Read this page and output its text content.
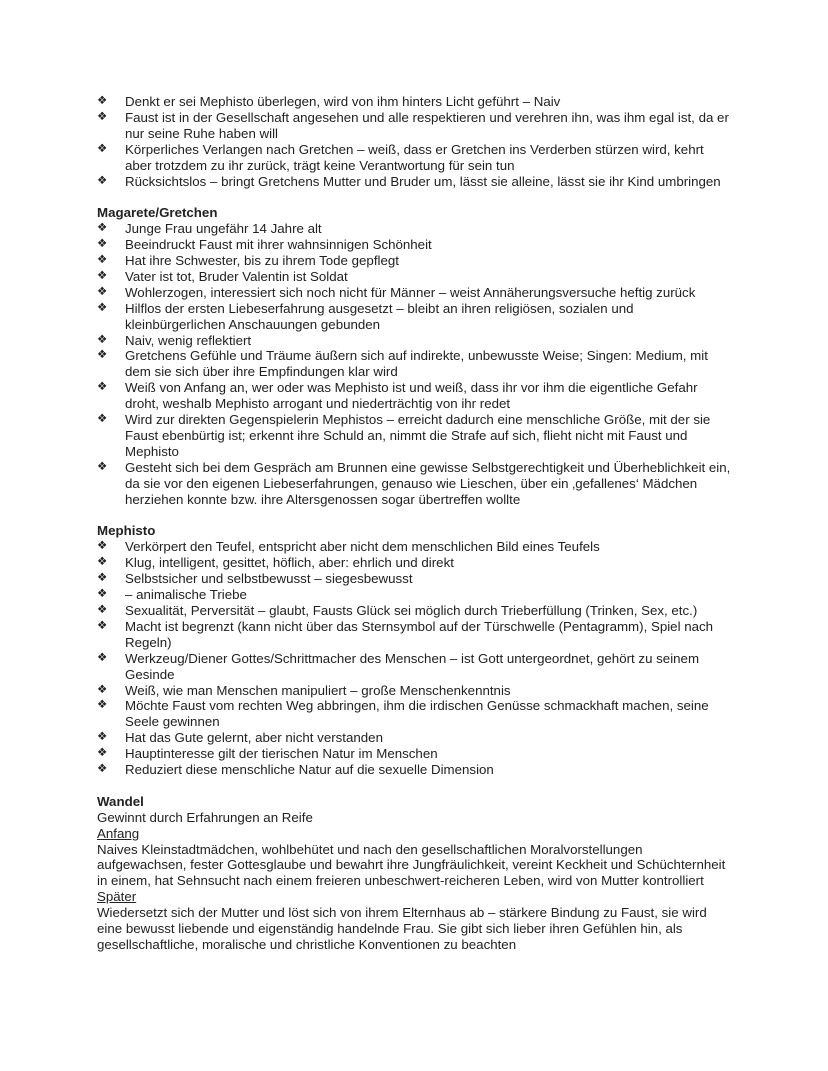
❖	Denkt er sei Mephisto überlegen, wird von ihm hinters Licht geführt – Naiv
❖	Faust ist in der Gesellschaft angesehen und alle respektieren und verehren ihn, was ihm egal ist, da er nur seine Ruhe haben will
❖	Körperliches Verlangen nach Gretchen – weiß, dass er Gretchen ins Verderben stürzen wird, kehrt aber trotzdem zu ihr zurück, trägt keine Verantwortung für sein tun
❖	Rücksichtslos – bringt Gretchens Mutter und Bruder um, lässt sie alleine, lässt sie ihr Kind umbringen
Magarete/Gretchen
❖	Junge Frau ungefähr 14 Jahre alt
❖	Beeindruckt Faust mit ihrer wahnsinnigen Schönheit
❖	Hat ihre Schwester, bis zu ihrem Tode gepflegt
❖	Vater ist tot, Bruder Valentin ist Soldat
❖	Wohlerzogen, interessiert sich noch nicht für Männer – weist Annäherungsversuche heftig zurück
❖	Hilflos der ersten Liebeserfahrung ausgesetzt – bleibt an ihren religiösen, sozialen und kleinbürgerlichen Anschauungen gebunden
❖	Naiv, wenig reflektiert
❖	Gretchens Gefühle und Träume äußern sich auf indirekte, unbewusste Weise; Singen: Medium, mit dem sie sich über ihre Empfindungen klar wird
❖	Weiß von Anfang an, wer oder was Mephisto ist und weiß, dass ihr vor ihm die eigentliche Gefahr droht, weshalb Mephisto arrogant und niederträchtig von ihr redet
❖	Wird zur direkten Gegenspielerin Mephistos – erreicht dadurch eine menschliche Größe, mit der sie Faust ebenbürtig ist; erkennt ihre Schuld an, nimmt die Strafe auf sich, flieht nicht mit Faust und Mephisto
❖	Gesteht sich bei dem Gespräch am Brunnen eine gewisse Selbstgerechtigkeit und Überheblichkeit ein, da sie vor den eigenen Liebeserfahrungen, genauso wie Lieschen, über ein ‚gefallenes‘ Mädchen herziehen konnte bzw. ihre Altersgenossen sogar übertreffen wollte
Mephisto
❖	Verkörpert den Teufel, entspricht aber nicht dem menschlichen Bild eines Teufels
❖	Klug, intelligent, gesittet, höflich, aber: ehrlich und direkt
❖	Selbstsicher und selbstbewusst – siegesbewusst
❖	– animalische Triebe
❖	Sexualität, Perversität – glaubt, Fausts Glück sei möglich durch Trieberfüllung (Trinken, Sex, etc.)
❖	Macht ist begrenzt (kann nicht über das Sternsymbol auf der Türschwelle (Pentagramm), Spiel nach Regeln)
❖	Werkzeug/Diener Gottes/Schrittmacher des Menschen – ist Gott untergeordnet, gehört zu seinem Gesinde
❖	Weiß, wie man Menschen manipuliert – große Menschenkenntnis
❖	Möchte Faust vom rechten Weg abbringen, ihm die irdischen Genüsse schmackhaft machen, seine Seele gewinnen
❖	Hat das Gute gelernt, aber nicht verstanden
❖	Hauptinteresse gilt der tierischen Natur im Menschen
❖	Reduziert diese menschliche Natur auf die sexuelle Dimension
Wandel

Gewinnt durch Erfahrungen an Reife

Anfang

Naives Kleinstadtmädchen, wohlbehütet und nach den gesellschaftlichen Moralvorstellungen aufgewachsen, fester Gottesglaube und bewahrt ihre Jungfräulichkeit, vereint Keckheit und Schüchternheit in einem, hat Sehnsucht nach einem freieren unbeschwert-reicheren Leben, wird von Mutter kontrolliert

Später

Wiedersetzt sich der Mutter und löst sich von ihrem Elternhaus ab – stärkere Bindung zu Faust, sie wird eine bewusst liebende und eigenständig handelnde Frau. Sie gibt sich lieber ihren Gefühlen hin, als gesellschaftliche, moralische und christliche Konventionen zu beachten
